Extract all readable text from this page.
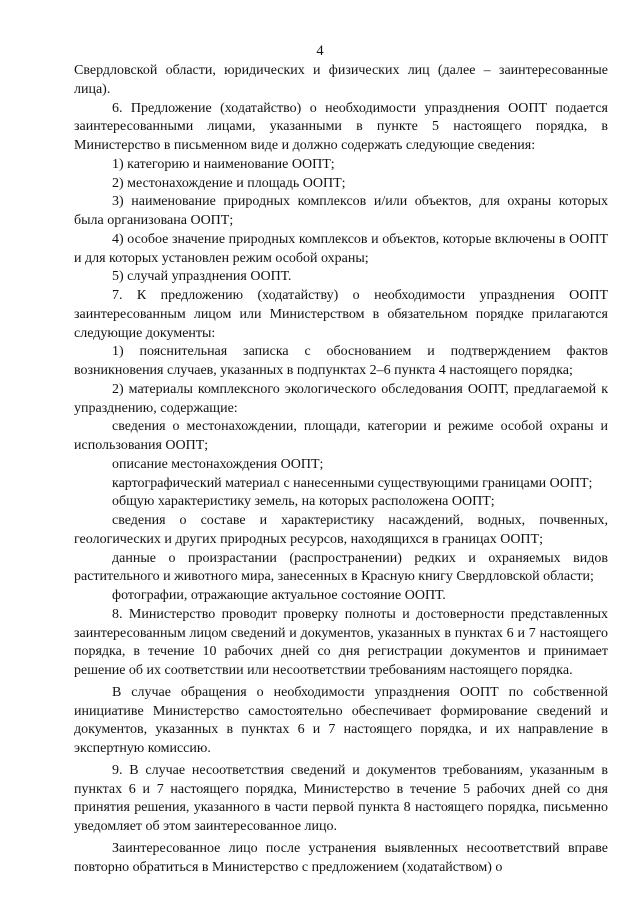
4

Свердловской области, юридических и физических лиц (далее – заинтересованные лица).

6. Предложение (ходатайство) о необходимости упразднения ООПТ подается заинтересованными лицами, указанными в пункте 5 настоящего порядка, в Министерство в письменном виде и должно содержать следующие сведения:

1) категорию и наименование ООПТ;

2) местонахождение и площадь ООПТ;

3) наименование природных комплексов и/или объектов, для охраны которых была организована ООПТ;

4) особое значение природных комплексов и объектов, которые включены в ООПТ и для которых установлен режим особой охраны;

5) случай упразднения ООПТ.

7. К предложению (ходатайству) о необходимости упразднения ООПТ заинтересованным лицом или Министерством в обязательном порядке прилагаются следующие документы:

1) пояснительная записка с обоснованием и подтверждением фактов возникновения случаев, указанных в подпунктах 2–6 пункта 4 настоящего порядка;

2) материалы комплексного экологического обследования ООПТ, предлагаемой к упразднению, содержащие:

сведения о местонахождении, площади, категории и режиме особой охраны и использования ООПТ;

описание местонахождения ООПТ;

картографический материал с нанесенными существующими границами ООПТ;

общую характеристику земель, на которых расположена ООПТ;

сведения о составе и характеристику насаждений, водных, почвенных, геологических и других природных ресурсов, находящихся в границах ООПТ;

данные о произрастании (распространении) редких и охраняемых видов растительного и животного мира, занесенных в Красную книгу Свердловской области;

фотографии, отражающие актуальное состояние ООПТ.

8. Министерство проводит проверку полноты и достоверности представленных заинтересованным лицом сведений и документов, указанных в пунктах 6 и 7 настоящего порядка, в течение 10 рабочих дней со дня регистрации документов и принимает решение об их соответствии или несоответствии требованиям настоящего порядка.

В случае обращения о необходимости упразднения ООПТ по собственной инициативе Министерство самостоятельно обеспечивает формирование сведений и документов, указанных в пунктах 6 и 7 настоящего порядка, и их направление в экспертную комиссию.

9. В случае несоответствия сведений и документов требованиям, указанным в пунктах 6 и 7 настоящего порядка, Министерство в течение 5 рабочих дней со дня принятия решения, указанного в части первой пункта 8 настоящего порядка, письменно уведомляет об этом заинтересованное лицо.

Заинтересованное лицо после устранения выявленных несоответствий вправе повторно обратиться в Министерство с предложением (ходатайством) о
